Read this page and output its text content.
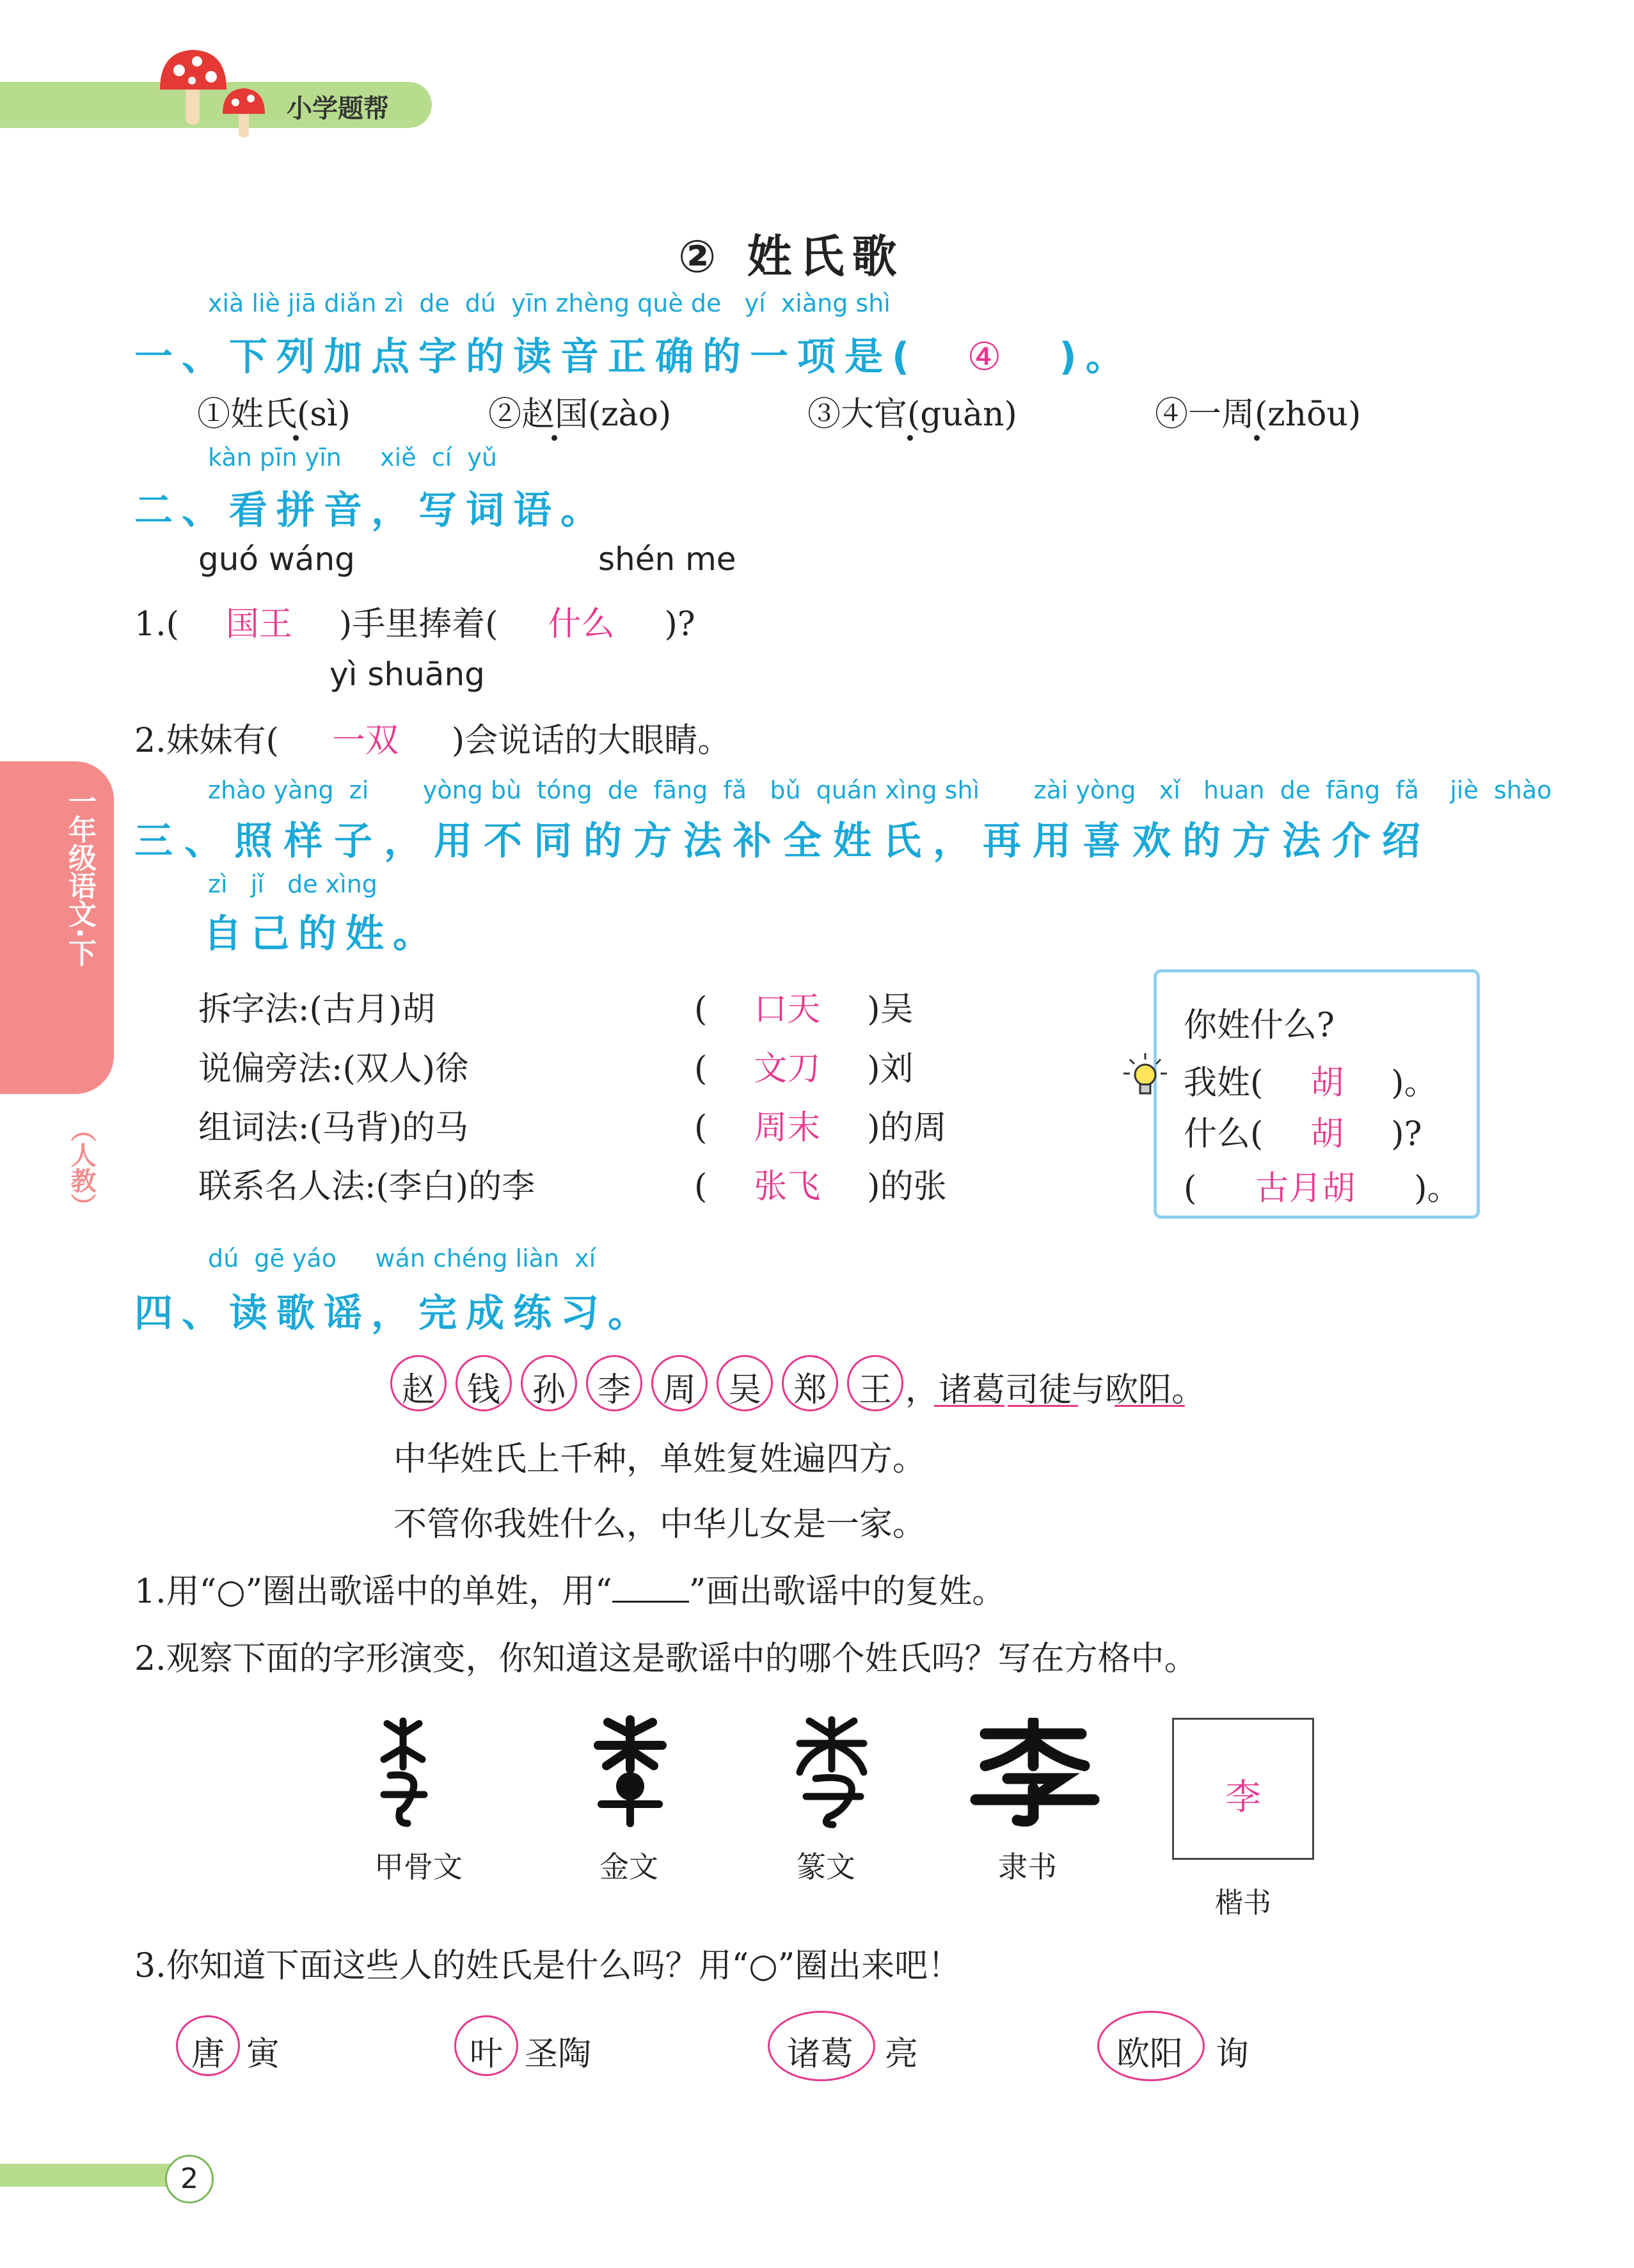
小学题帮
一年级语文·下
（人教）
② 姓氏歌
xià liè jiā diǎn zì  de  dú  yīn zhèng què de   yí  xiàng shì
一、下列加点字的读音正确的一项是( ④ )。
①姓氏(sì)	②赵国(zào)	③大官(guàn)	④一周(zhōu)
kàn pīn yīn     xiě  cí  yǔ
二、看拼音，写词语。
guó wáng	shén me
1.( 国王 )手里捧着( 什么 )?
yì shuāng
2.妹妹有( 一双 )会说话的大眼睛。
zhào yàng  zi       yòng bù  tóng  de  fāng  fǎ   bǔ  quán xìng shì       zài yòng   xǐ   huan  de  fāng  fǎ    jiè  shào
三、照样子，用不同的方法补全姓氏，再用喜欢的方法介绍
zì   jǐ   de xìng
自己的姓。
拆字法:(古月)胡	( 口天 )吴
说偏旁法:(双人)徐	( 文刀 )刘
组词法:(马背)的马	( 周末 )的周
联系名人法:(李白)的李	( 张飞 )的张
你姓什么?
我姓( 胡 )。
什么( 胡 )?
( 古月胡 )。
dú  gē yáo     wán chéng liàn  xí
四、读歌谣，完成练习。
赵 钱 孙 李 周 吴 郑 王 ，诸葛司徒与欧阳。
中华姓氏上千种，单姓复姓遍四方。
不管你我姓什么，中华儿女是一家。
1.用“○”圈出歌谣中的单姓，用“ ”画出歌谣中的复姓。
2.观察下面的字形演变，你知道这是歌谣中的哪个姓氏吗？写在方格中。
甲骨文	金文	篆文	隶书
李
楷书
3.你知道下面这些人的姓氏是什么吗？用“○”圈出来吧！
唐 寅	叶 圣陶	诸葛 亮	欧阳 询
2
